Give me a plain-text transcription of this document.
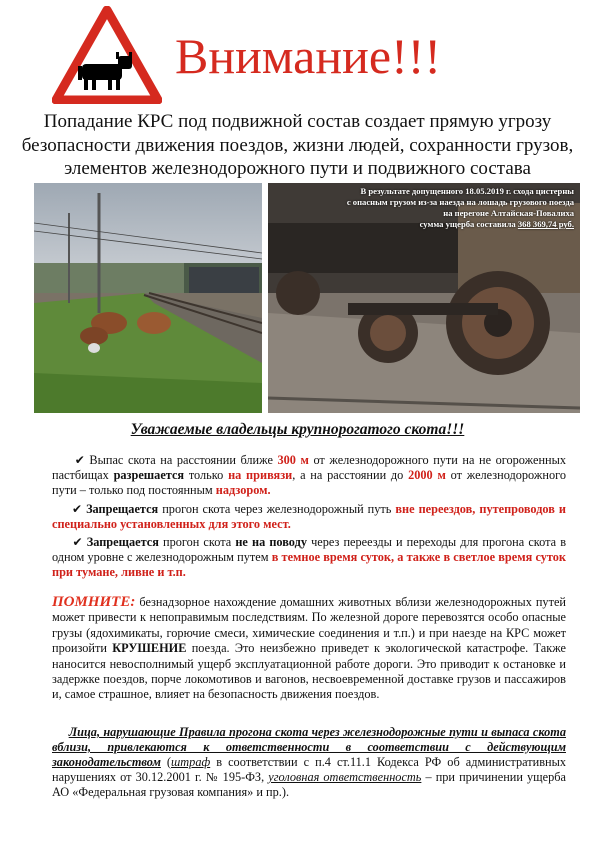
Внимание!!!
Попадание КРС под подвижной состав создает прямую угрозу безопасности движения поездов, жизни людей, сохранности грузов, элементов железнодорожного пути и подвижного состава
В результате допущенного 18.05.2019 г. схода цистерны
с опасным грузом из-за наезда на лошадь грузового поезда
на перегоне Алтайская-Повалиха
сумма ущерба составила 368 369,74 руб.
Уважаемые владельцы крупнорогатого скота!!!
✔ Выпас скота на расстоянии ближе 300 м от железнодорожного пути на не огороженных пастбищах разрешается только на привязи, а на расстоянии до 2000 м от железнодорожного пути – только под постоянным надзором.
✔ Запрещается прогон скота через железнодорожный путь вне переездов, путепроводов и специально установленных для этого мест.
✔ Запрещается прогон скота не на поводу через переезды и переходы для прогона скота в одном уровне с железнодорожным путем в темное время суток, а также в светлое время суток при тумане, ливне и т.п.
ПОМНИТЕ: безнадзорное нахождение домашних животных вблизи железнодорожных путей может привести к непоправимым последствиям. По железной дороге перевозятся особо опасные грузы (ядохимикаты, горючие смеси, химические соединения и т.п.) и при наезде на КРС может произойти КРУШЕНИЕ поезда. Это неизбежно приведет к экологической катастрофе. Также наносится невосполнимый ущерб эксплуатационной работе дороги. Это приводит к остановке и задержке поездов, порче локомотивов и вагонов, несвоевременной доставке грузов и пассажиров и, самое страшное, влияет на безопасность движения поездов.
Лица, нарушающие Правила прогона скота через железнодорожные пути и выпаса скота вблизи, привлекаются к ответственности в соответствии с действующим законодательством (штраф в соответствии с п.4 ст.11.1 Кодекса РФ об административных нарушениях от 30.12.2001 г. № 195-ФЗ, уголовная ответственность – при причинении ущерба АО «Федеральная грузовая компания» и пр.).
